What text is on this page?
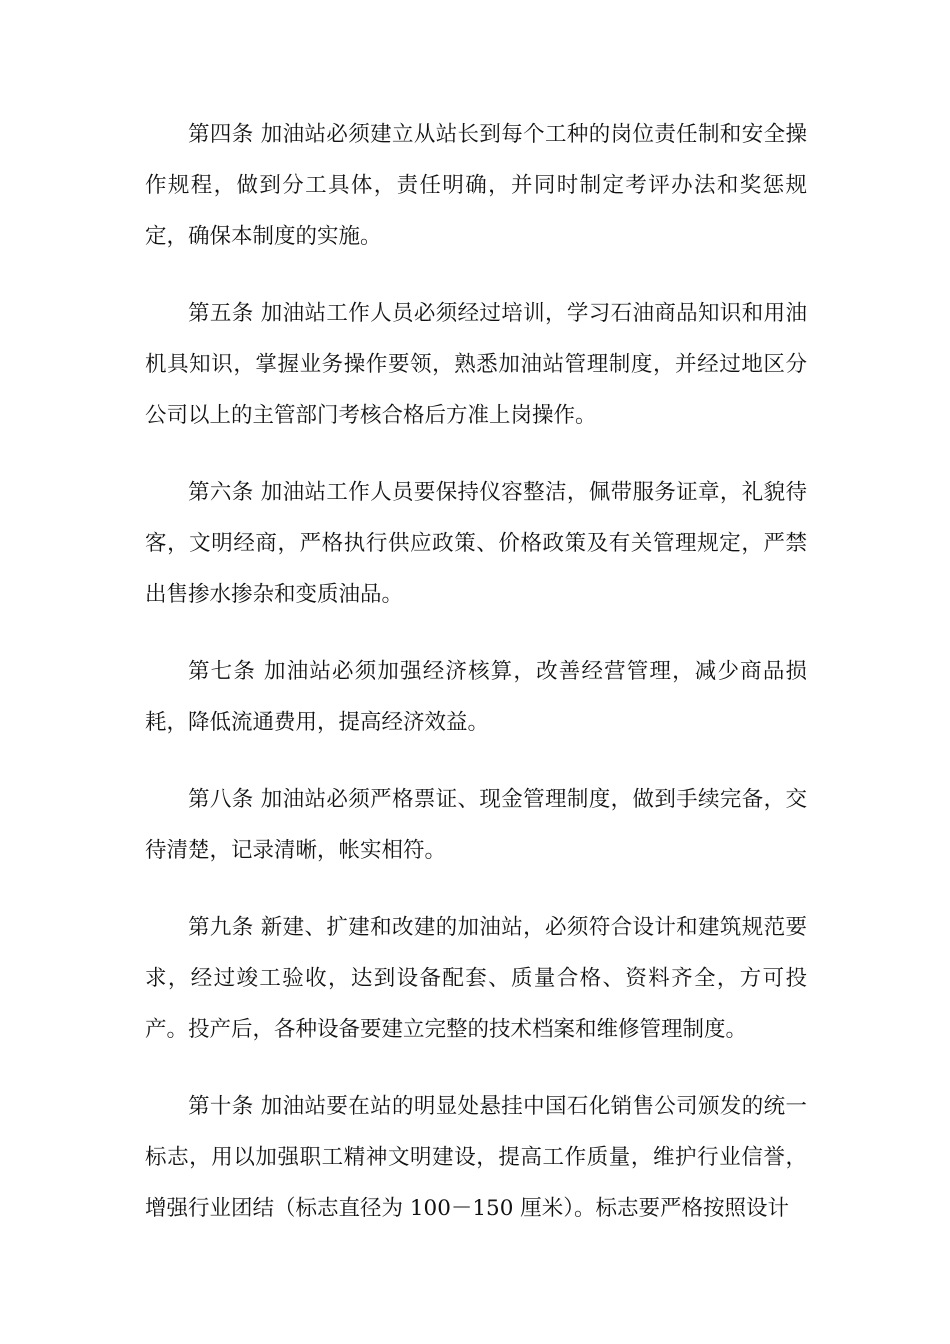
第四条 加油站必须建立从站长到每个工种的岗位责任制和安全操作规程，做到分工具体，责任明确，并同时制定考评办法和奖惩规定，确保本制度的实施。

第五条 加油站工作人员必须经过培训，学习石油商品知识和用油机具知识，掌握业务操作要领，熟悉加油站管理制度，并经过地区分公司以上的主管部门考核合格后方准上岗操作。

第六条 加油站工作人员要保持仪容整洁，佩带服务证章，礼貌待客，文明经商，严格执行供应政策、价格政策及有关管理规定，严禁出售掺水掺杂和变质油品。

第七条 加油站必须加强经济核算，改善经营管理，减少商品损耗，降低流通费用，提高经济效益。

第八条 加油站必须严格票证、现金管理制度，做到手续完备，交待清楚，记录清晰，帐实相符。

第九条 新建、扩建和改建的加油站，必须符合设计和建筑规范要求，经过竣工验收，达到设备配套、质量合格、资料齐全，方可投产。投产后，各种设备要建立完整的技术档案和维修管理制度。

第十条 加油站要在站的明显处悬挂中国石化销售公司颁发的统一标志，用以加强职工精神文明建设，提高工作质量，维护行业信誉，增强行业团结（标志直径为 100－150 厘米）。标志要严格按照设计
